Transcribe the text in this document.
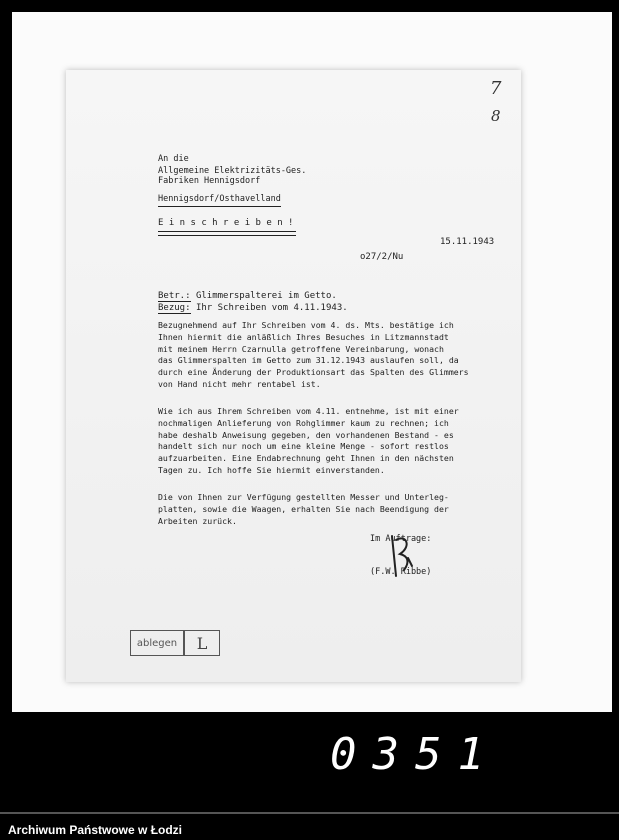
7
8
An die
Allgemeine Elektrizitäts-Ges.
Fabriken Hennigsdorf
Hennigsdorf/Osthavelland
E i n s c h r e i b e n !
15.11.1943
o27/2/Nu
Betr.: Glimmerspalterei im Getto.
Bezug: Ihr Schreiben vom 4.11.1943.
Bezugnehmend auf Ihr Schreiben vom 4. ds. Mts. bestätige ich
Ihnen hiermit die anläßlich Ihres Besuches in Litzmannstadt
mit meinem Herrn Czarnulla getroffene Vereinbarung, wonach
das Glimmerspalten im Getto zum 31.12.1943 auslaufen soll, da
durch eine Änderung der Produktionsart das Spalten des Glimmers
von Hand nicht mehr rentabel ist.
Wie ich aus Ihrem Schreiben vom 4.11. entnehme, ist mit einer
nochmaligen Anlieferung von Rohglimmer kaum zu rechnen; ich
habe deshalb Anweisung gegeben, den vorhandenen Bestand - es
handelt sich nur noch um eine kleine Menge - sofort restlos
aufzuarbeiten. Eine Endabrechnung geht Ihnen in den nächsten
Tagen zu. Ich hoffe Sie hiermit einverstanden.
Die von Ihnen zur Verfügung gestellten Messer und Unterleg-
platten, sowie die Waagen, erhalten Sie nach Beendigung der
Arbeiten zurück.
Im Auftrage:
(F.W. Ribbe)
ablegen	L
0351
Archiwum Państwowe w Łodzi
